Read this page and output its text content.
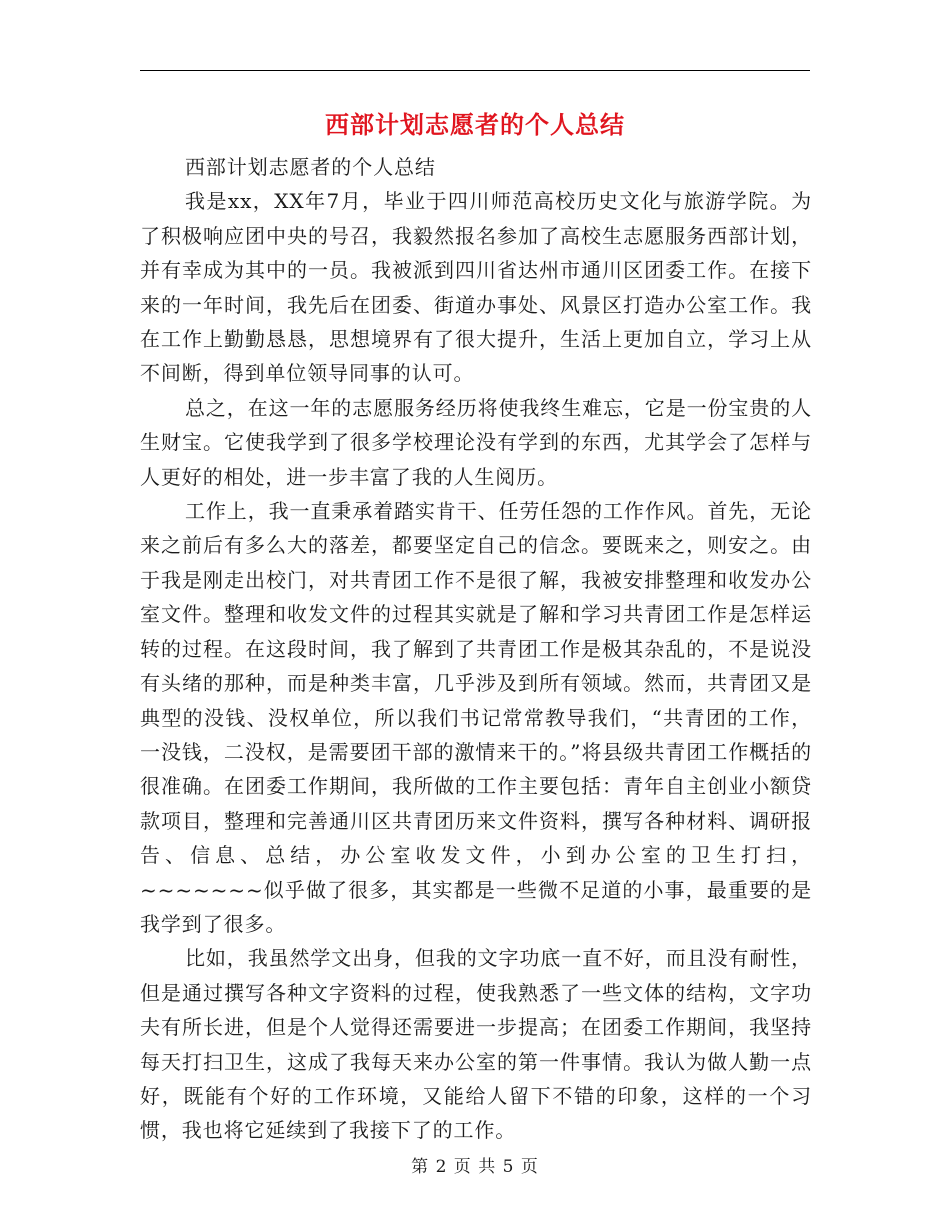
西部计划志愿者的个人总结

西部计划志愿者的个人总结

我是xx，XX年7月，毕业于四川师范高校历史文化与旅游学院。为了积极响应团中央的号召，我毅然报名参加了高校生志愿服务西部计划，并有幸成为其中的一员。我被派到四川省达州市通川区团委工作。在接下来的一年时间，我先后在团委、街道办事处、风景区打造办公室工作。我在工作上勤勤恳恳，思想境界有了很大提升，生活上更加自立，学习上从不间断，得到单位领导同事的认可。

总之，在这一年的志愿服务经历将使我终生难忘，它是一份宝贵的人生财宝。它使我学到了很多学校理论没有学到的东西，尤其学会了怎样与人更好的相处，进一步丰富了我的人生阅历。

工作上，我一直秉承着踏实肯干、任劳任怨的工作作风。首先，无论来之前后有多么大的落差，都要坚定自己的信念。要既来之，则安之。由于我是刚走出校门，对共青团工作不是很了解，我被安排整理和收发办公室文件。整理和收发文件的过程其实就是了解和学习共青团工作是怎样运转的过程。在这段时间，我了解到了共青团工作是极其杂乱的，不是说没有头绪的那种，而是种类丰富，几乎涉及到所有领域。然而，共青团又是典型的没钱、没权单位，所以我们书记常常教导我们，“共青团的工作，一没钱，二没权，是需要团干部的激情来干的。”将县级共青团工作概括的很准确。在团委工作期间，我所做的工作主要包括：青年自主创业小额贷款项目，整理和完善通川区共青团历来文件资料，撰写各种材料、调研报告、信息、总结，办公室收发文件，小到办公室的卫生打扫，~~~~~~~似乎做了很多，其实都是一些微不足道的小事，最重要的是我学到了很多。

比如，我虽然学文出身，但我的文字功底一直不好，而且没有耐性，但是通过撰写各种文字资料的过程，使我熟悉了一些文体的结构，文字功夫有所长进，但是个人觉得还需要进一步提高；在团委工作期间，我坚持每天打扫卫生，这成了我每天来办公室的第一件事情。我认为做人勤一点好，既能有个好的工作环境，又能给人留下不错的印象，这样的一个习惯，我也将它延续到了我接下了的工作。

第 2 页 共 5 页
